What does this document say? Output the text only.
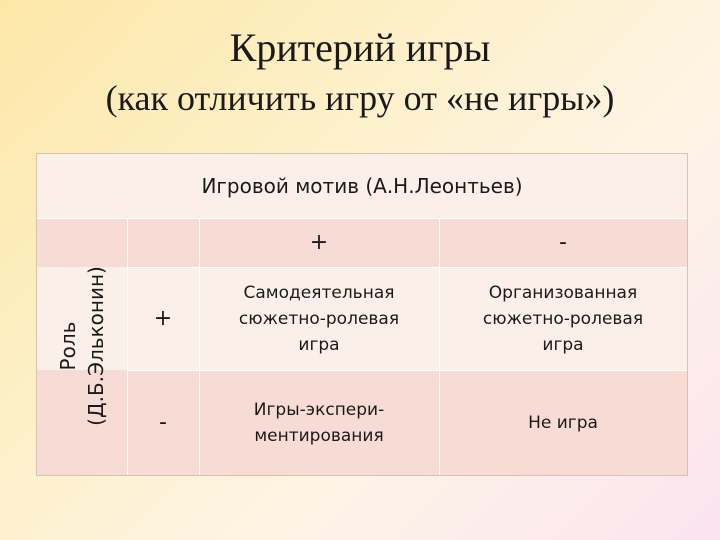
Критерий игры
(как отличить игру от «не игры»)
Игровой мотив (А.Н.Леонтьев)
Роль (Д.Б.Эльконин)
+	-
+
Самодеятельная
сюжетно-ролевая
игра
Организованная
сюжетно-ролевая
игра
-
Игры-экспери-
ментирования
Не игра
